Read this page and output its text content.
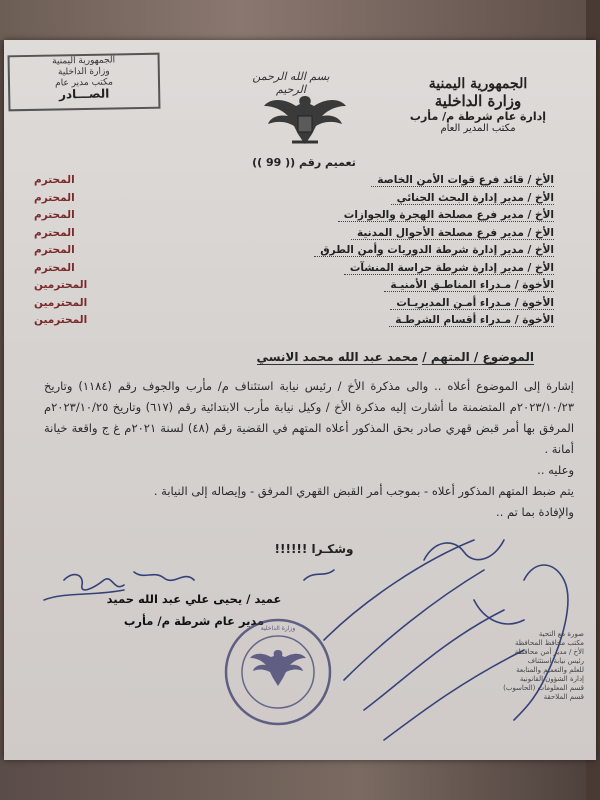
الجمهورية اليمنية
وزارة الداخلية
مكتب مدير عام
الصـــادر
بسم الله الرحمن الرحيم	الجمهورية اليمنية
وزارة الداخلية
إدارة عام شرطة م/ مأرب
مكتب المدير العام
تعميم رقم (( 99 ))
الأخ / قائد فرع قوات الأمن الخاصة
المحترم
الأخ / مدير إدارة البحث الجنائي
المحترم
الأخ / مدير فرع مصلحة الهجرة والجوازات
المحترم
الأخ / مدير فرع مصلحة الأحوال المدنية
المحترم
الأخ / مدير إدارة شرطة الدوريات وأمن الطرق
المحترم
الأخ / مدير إدارة شرطة حراسة المنشآت
المحترم
الأخوة / مـدراء المناطـق الأمنيـة
المحترمين
الأخوة / مـدراء أمـن المديريـات
المحترمين
الأخوة / مـدراء أقسام الشرطـة
المحترمين
الموضوع / المتهم / محمد عبد الله محمد الانسي

إشارة إلى الموضوع أعلاه .. والى مذكرة الأخ / رئيس نيابة استئناف م/ مأرب والجوف رقم (١١٨٤) وتاريخ ٢٠٢٣/١٠/٢٣م المتضمنة ما أشارت إليه مذكرة الأخ / وكيل نيابة مأرب الابتدائية رقم (٦١٧) وتاريخ ٢٠٢٣/١٠/٢٥م المرفق بها أمر قبض قهري صادر بحق المذكور أعلاه المتهم في القضية رقم (٤٨) لسنة ٢٠٢١م غ ج واقعة خيانة أمانة .

وعليه ..

يتم ضبط المتهم المذكور أعلاه - بموجب أمر القبض القهري المرفق - وإيصاله إلى النيابة .

والإفادة بما تم ..

وشكـرا !!!!!!
عميد / يحيى علي عبد الله حميد
مدير عام شرطة م/ مأرب
وزارة الداخلية
صورة مع التحية
مكتب محافظ المحافظة
الأخ / مدير أمن محافظة
رئيس نيابة استئناف
للعلم والتعميم والمتابعة
إدارة الشؤون القانونية
قسم المعلومات (الحاسوب)
قسم الملاحقة
